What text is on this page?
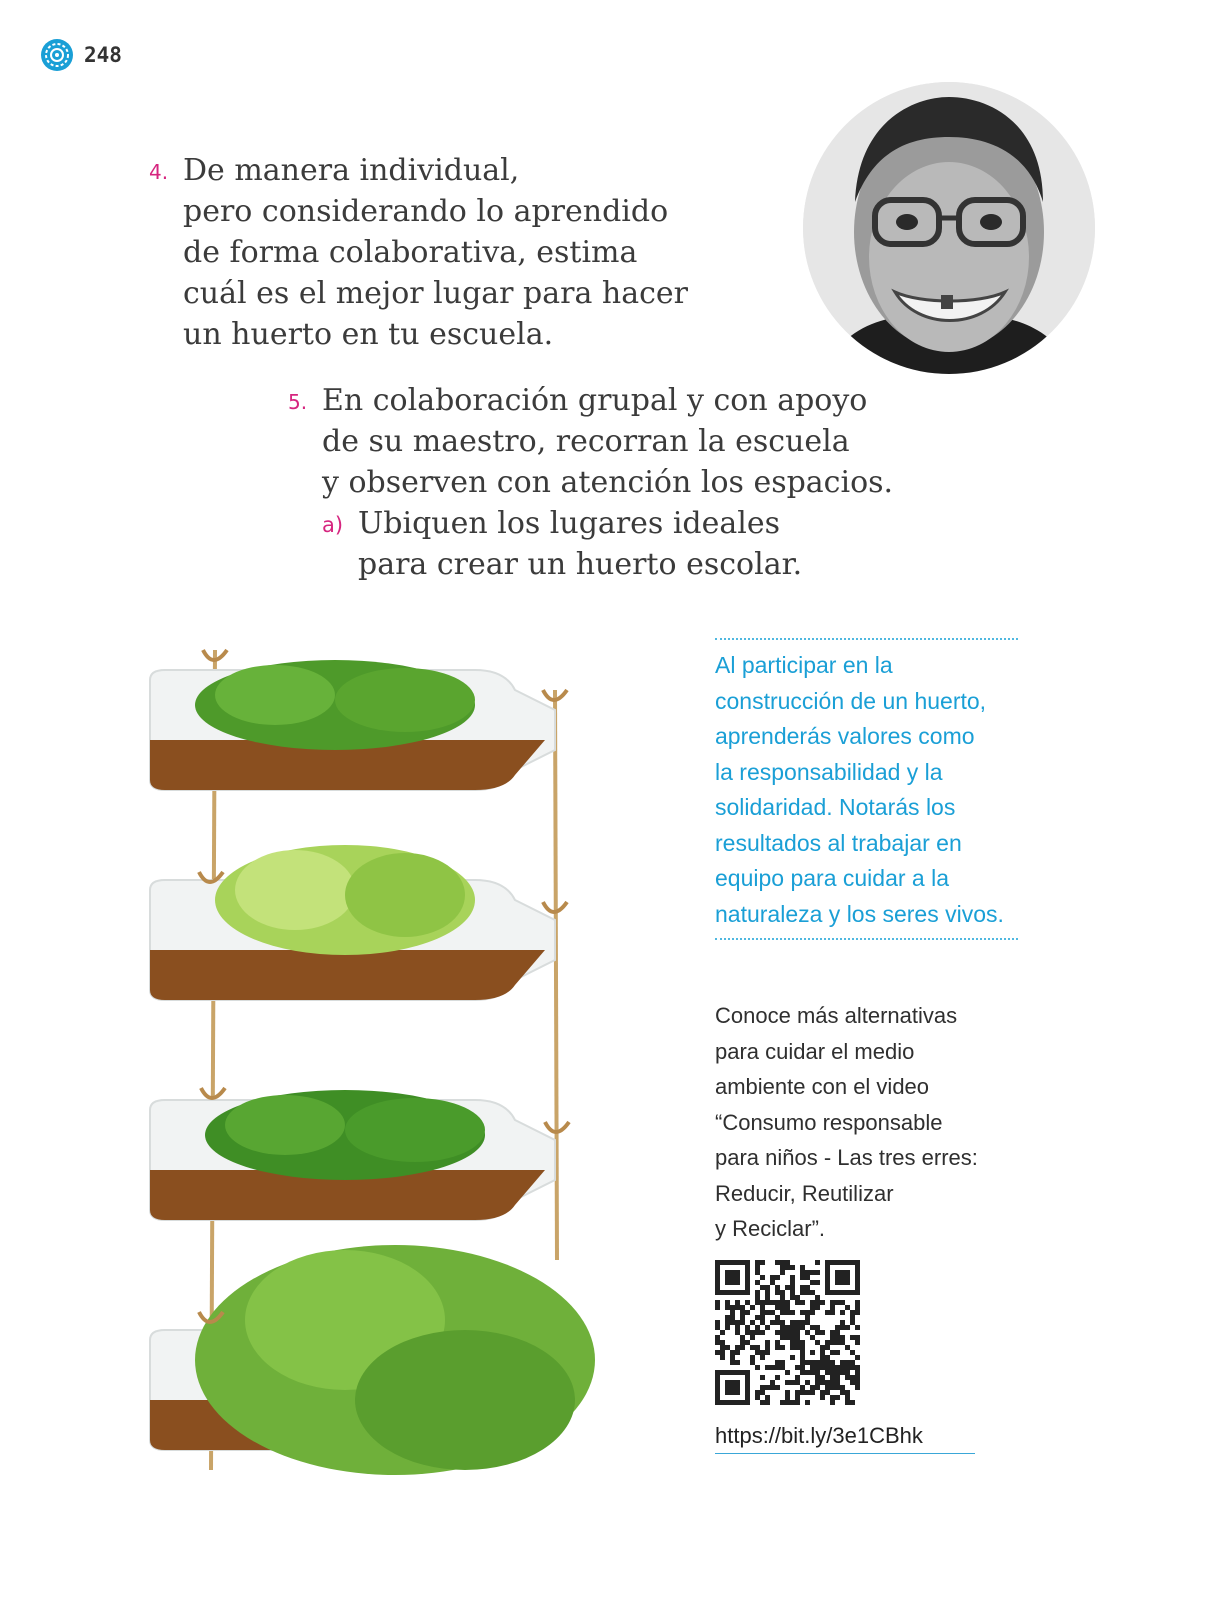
248
4. De manera individual,
pero considerando lo aprendido
de forma colaborativa, estima
cuál es el mejor lugar para hacer
un huerto en tu escuela.
5. En colaboración grupal y con apoyo
de su maestro, recorran la escuela
y observen con atención los espacios.
a) Ubiquen los lugares ideales
para crear un huerto escolar.
Al participar en la
construcción de un huerto,
aprenderás valores como
la responsabilidad y la
solidaridad. Notarás los
resultados al trabajar en
equipo para cuidar a la
naturaleza y los seres vivos.
Conoce más alternativas
para cuidar el medio
ambiente con el video
“Consumo responsable
para niños - Las tres erres:
Reducir, Reutilizar
y Reciclar”.
https://bit.ly/3e1CBhk
